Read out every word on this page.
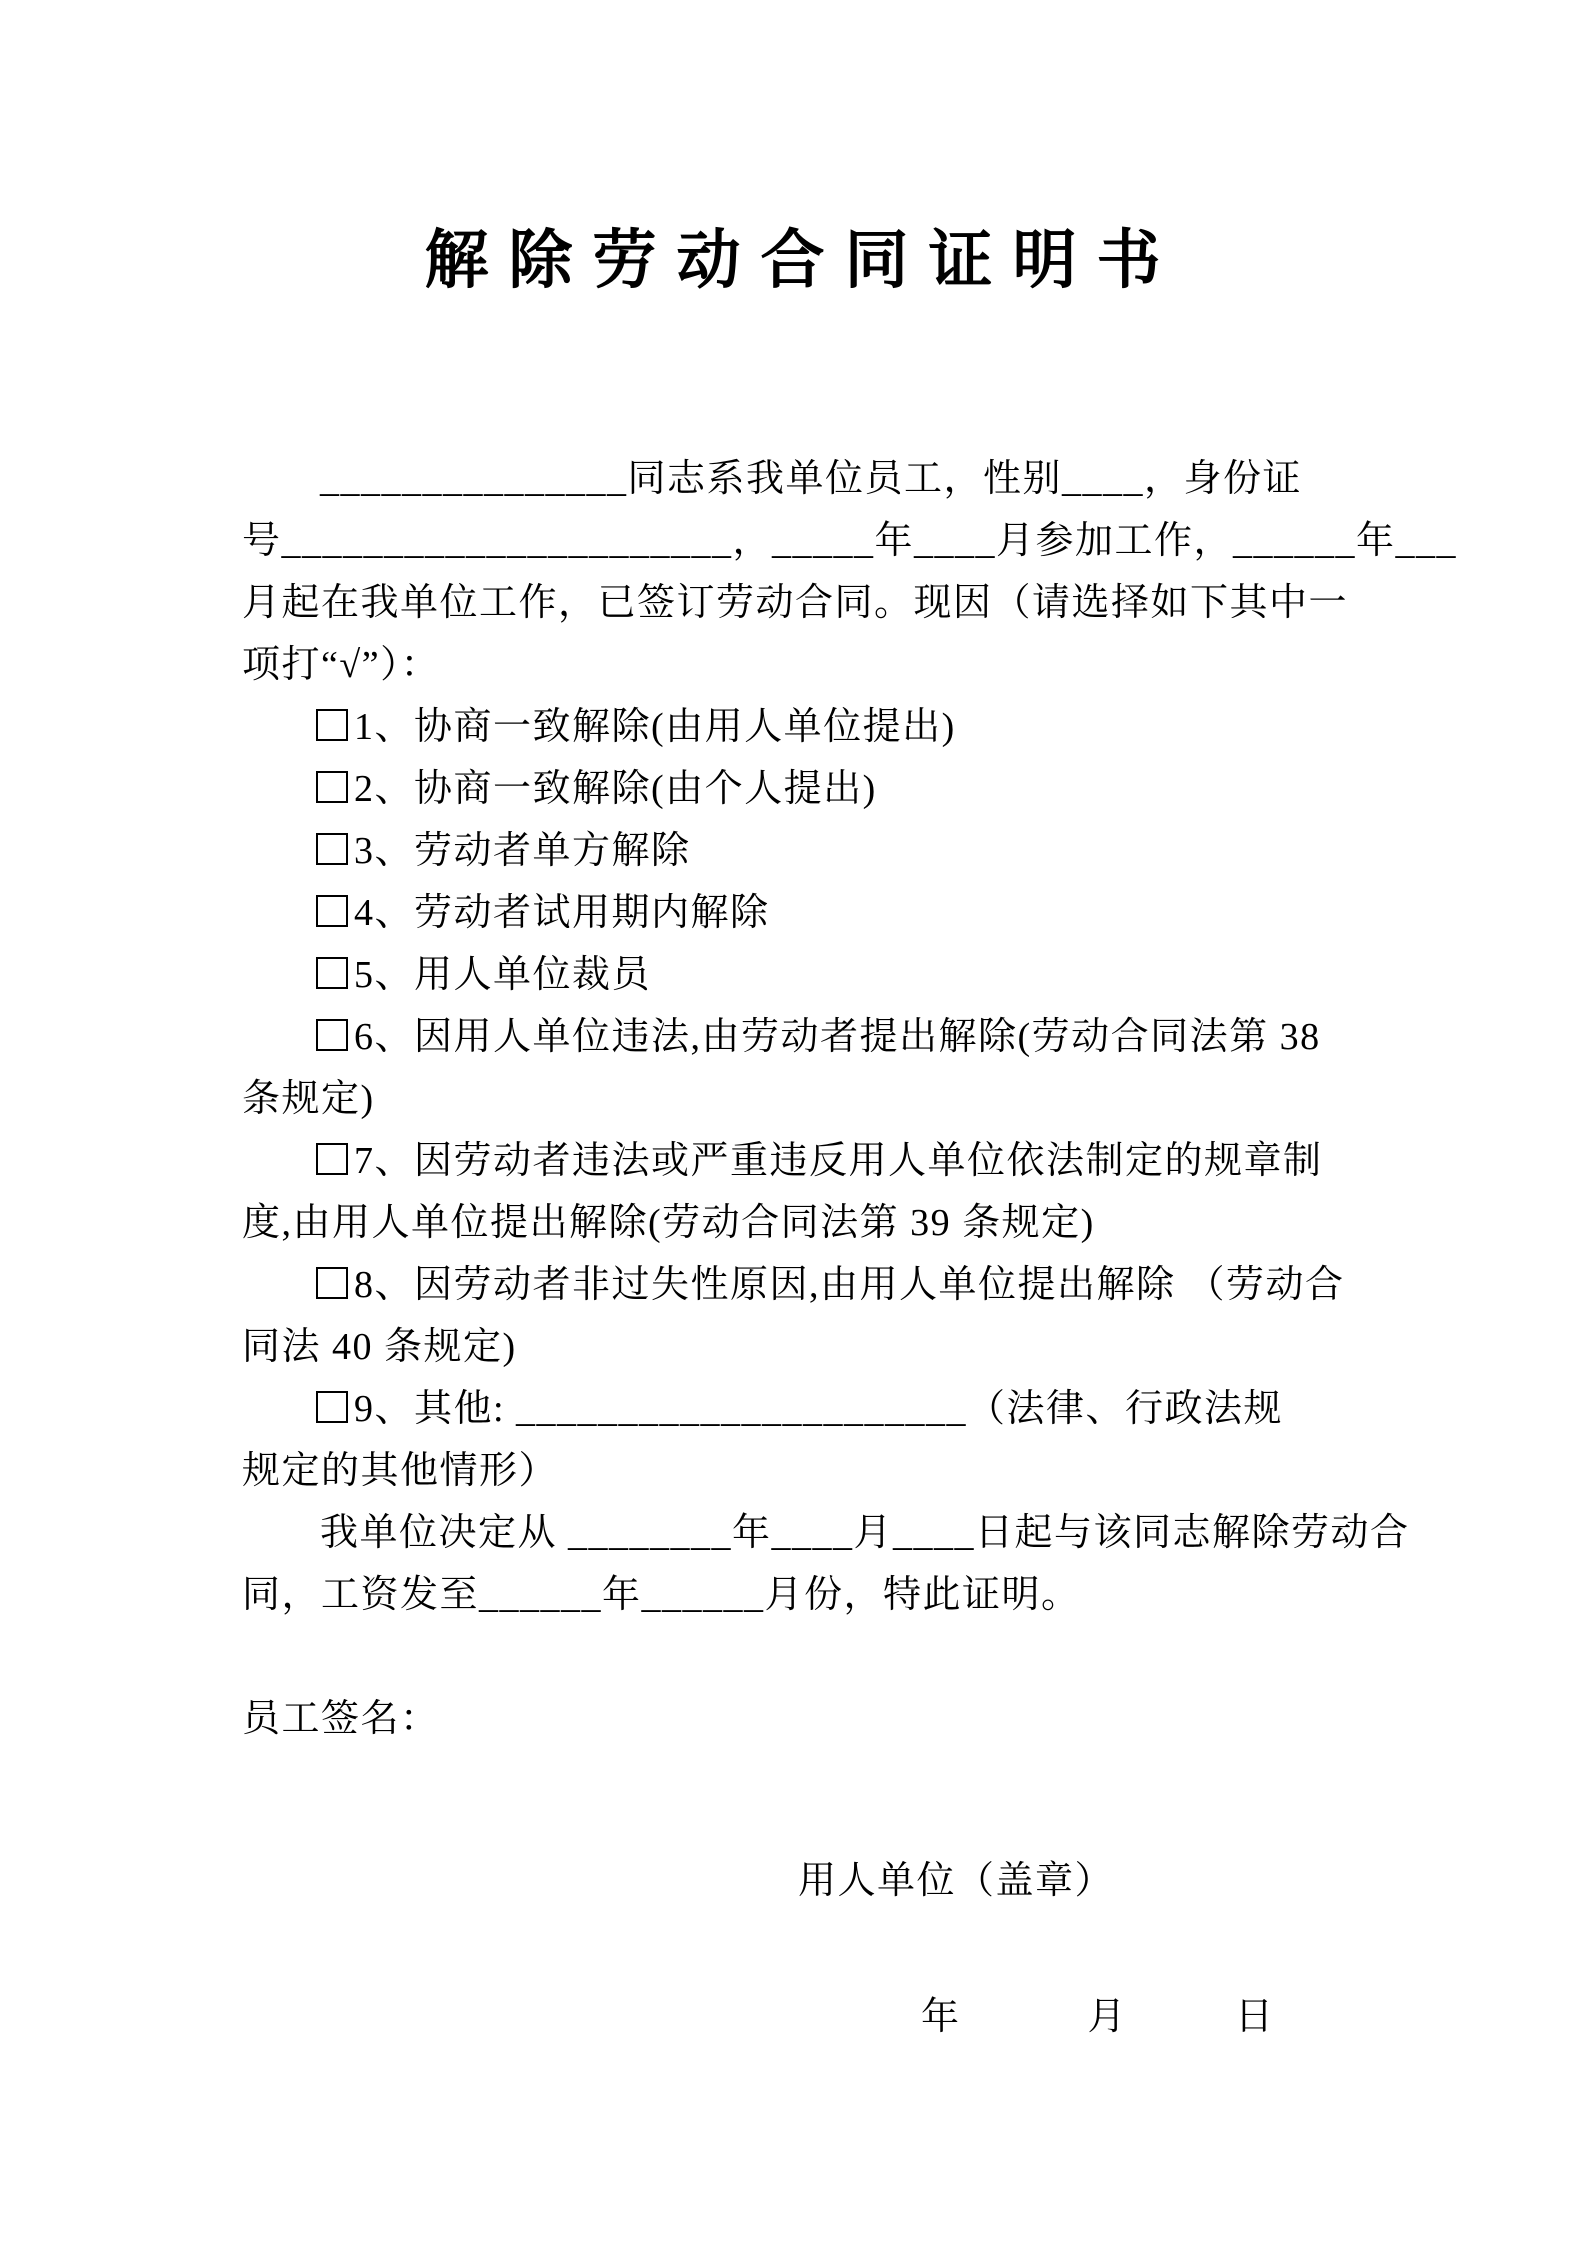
解 除 劳 动 合 同 证 明 书
_______________同志系我单位员工，性别____，身份证
号______________________，_____年____月参加工作，______年___
月起在我单位工作，已签订劳动合同。现因（请选择如下其中一
项打“√”）：
1、协商一致解除(由用人单位提出)
2、协商一致解除(由个人提出)
3、劳动者单方解除
4、劳动者试用期内解除
5、用人单位裁员
6、因用人单位违法,由劳动者提出解除(劳动合同法第 38
条规定)
7、因劳动者违法或严重违反用人单位依法制定的规章制
度,由用人单位提出解除(劳动合同法第 39 条规定)
8、因劳动者非过失性原因,由用人单位提出解除 （劳动合
同法 40 条规定)
9、其他: ______________________（法律、行政法规
规定的其他情形）
我单位决定从 ________年____月____日起与该同志解除劳动合
同，工资发至______年______月份，特此证明。
员工签名：
用人单位（盖章）
年	月	日
